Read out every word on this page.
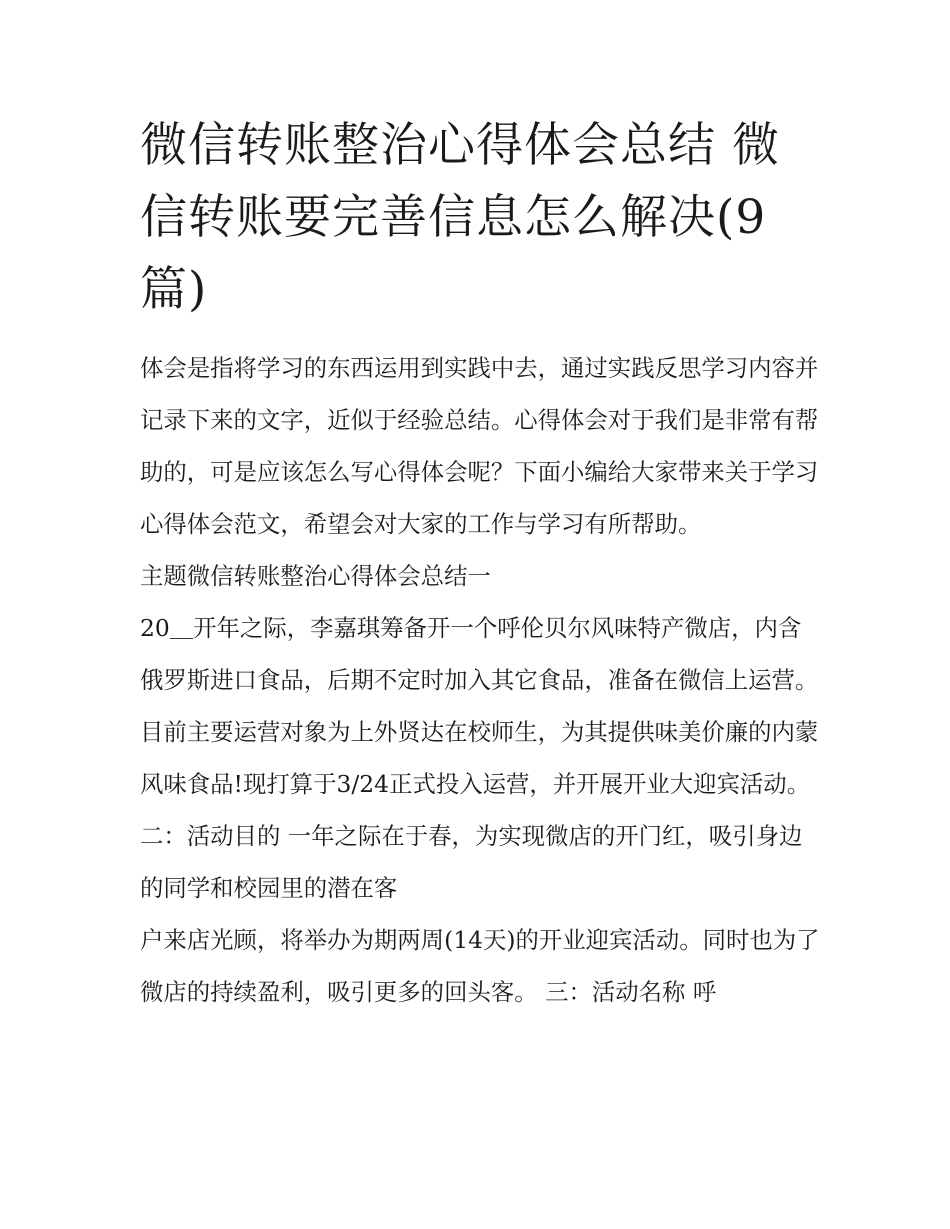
微信转账整治心得体会总结 微信转账要完善信息怎么解决(9篇)

体会是指将学习的东西运用到实践中去，通过实践反思学习内容并记录下来的文字，近似于经验总结。心得体会对于我们是非常有帮助的，可是应该怎么写心得体会呢？下面小编给大家带来关于学习心得体会范文，希望会对大家的工作与学习有所帮助。

主题微信转账整治心得体会总结一

20＿开年之际，李嘉琪筹备开一个呼伦贝尔风味特产微店，内含俄罗斯进口食品，后期不定时加入其它食品，准备在微信上运营。目前主要运营对象为上外贤达在校师生，为其提供味美价廉的内蒙风味食品!现打算于3/24正式投入运营，并开展开业大迎宾活动。

二：活动目的 一年之际在于春，为实现微店的开门红，吸引身边的同学和校园里的潜在客

户来店光顾，将举办为期两周(14天)的开业迎宾活动。同时也为了微店的持续盈利，吸引更多的回头客。 三：活动名称 呼
